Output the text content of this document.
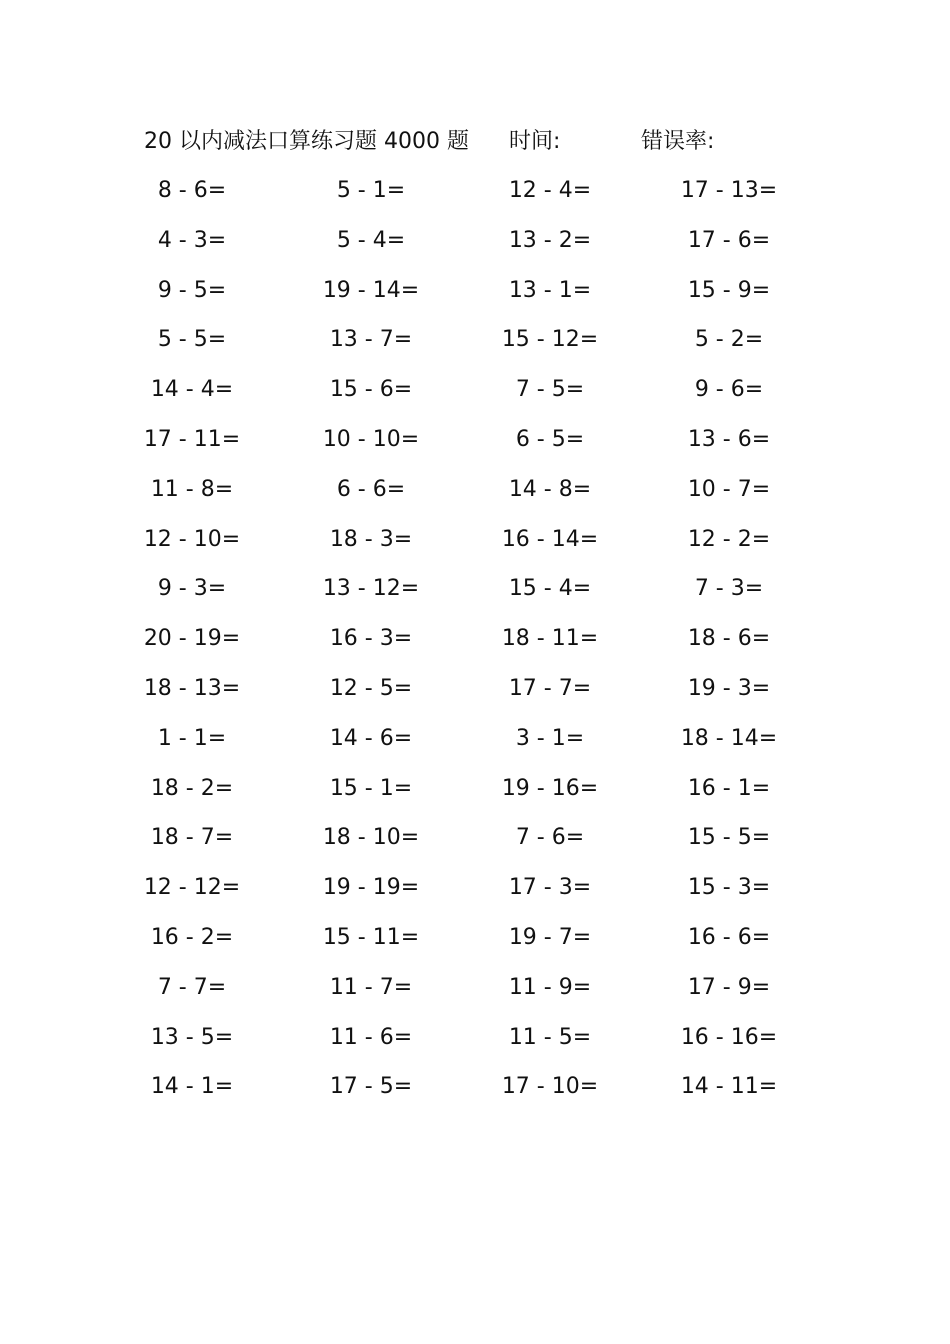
20 以内减法口算练习题 4000 题 时间:	错误率:
8 - 6=	5 - 1=	12 - 4=	17 - 13=
4 - 3=	5 - 4=	13 - 2=	17 - 6=
9 - 5=	19 - 14=	13 - 1=	15 - 9=
5 - 5=	13 - 7=	15 - 12=	5 - 2=
14 - 4=	15 - 6=	7 - 5=	9 - 6=
17 - 11=	10 - 10=	6 - 5=	13 - 6=
11 - 8=	6 - 6=	14 - 8=	10 - 7=
12 - 10=	18 - 3=	16 - 14=	12 - 2=
9 - 3=	13 - 12=	15 - 4=	7 - 3=
20 - 19=	16 - 3=	18 - 11=	18 - 6=
18 - 13=	12 - 5=	17 - 7=	19 - 3=
1 - 1=	14 - 6=	3 - 1=	18 - 14=
18 - 2=	15 - 1=	19 - 16=	16 - 1=
18 - 7=	18 - 10=	7 - 6=	15 - 5=
12 - 12=	19 - 19=	17 - 3=	15 - 3=
16 - 2=	15 - 11=	19 - 7=	16 - 6=
7 - 7=	11 - 7=	11 - 9=	17 - 9=
13 - 5=	11 - 6=	11 - 5=	16 - 16=
14 - 1=	17 - 5=	17 - 10=	14 - 11=
